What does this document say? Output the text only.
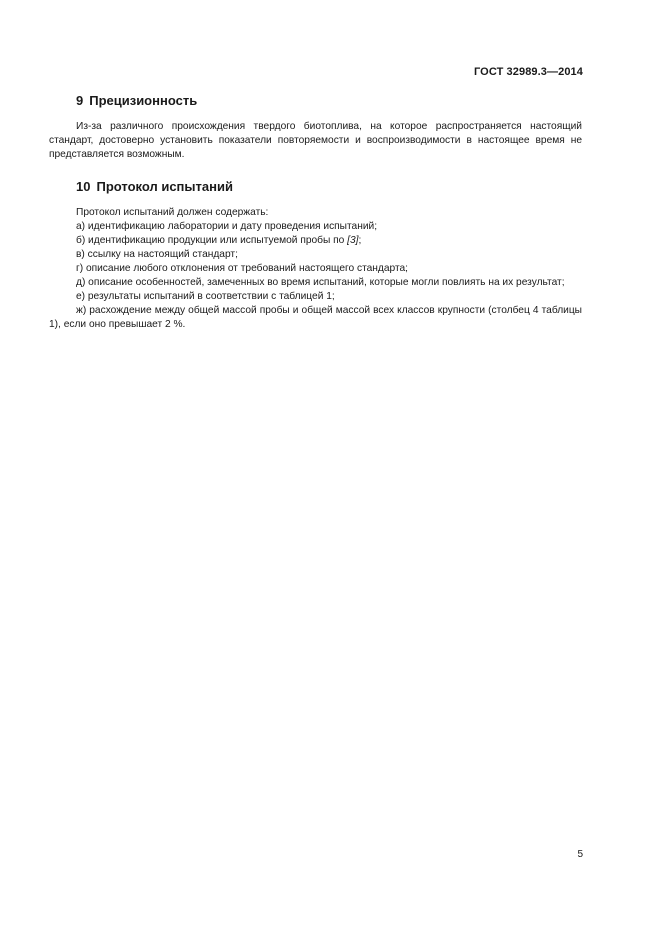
ГОСТ 32989.3—2014
9 Прецизионность

Из-за различного происхождения твердого биотоплива, на которое распространяется настоящий стандарт, достоверно установить показатели повторяемости и воспроизводимости в настоящее время не представляется возможным.

10 Протокол испытаний

Протокол испытаний должен содержать:

а) идентификацию лаборатории и дату проведения испытаний;

б) идентификацию продукции или испытуемой пробы по [3];

в) ссылку на настоящий стандарт;

г) описание любого отклонения от требований настоящего стандарта;

д) описание особенностей, замеченных во время испытаний, которые могли повлиять на их результат;

е) результаты испытаний в соответствии с таблицей 1;

ж) расхождение между общей массой пробы и общей массой всех классов крупности (столбец 4 таблицы 1), если оно превышает 2 %.

5
